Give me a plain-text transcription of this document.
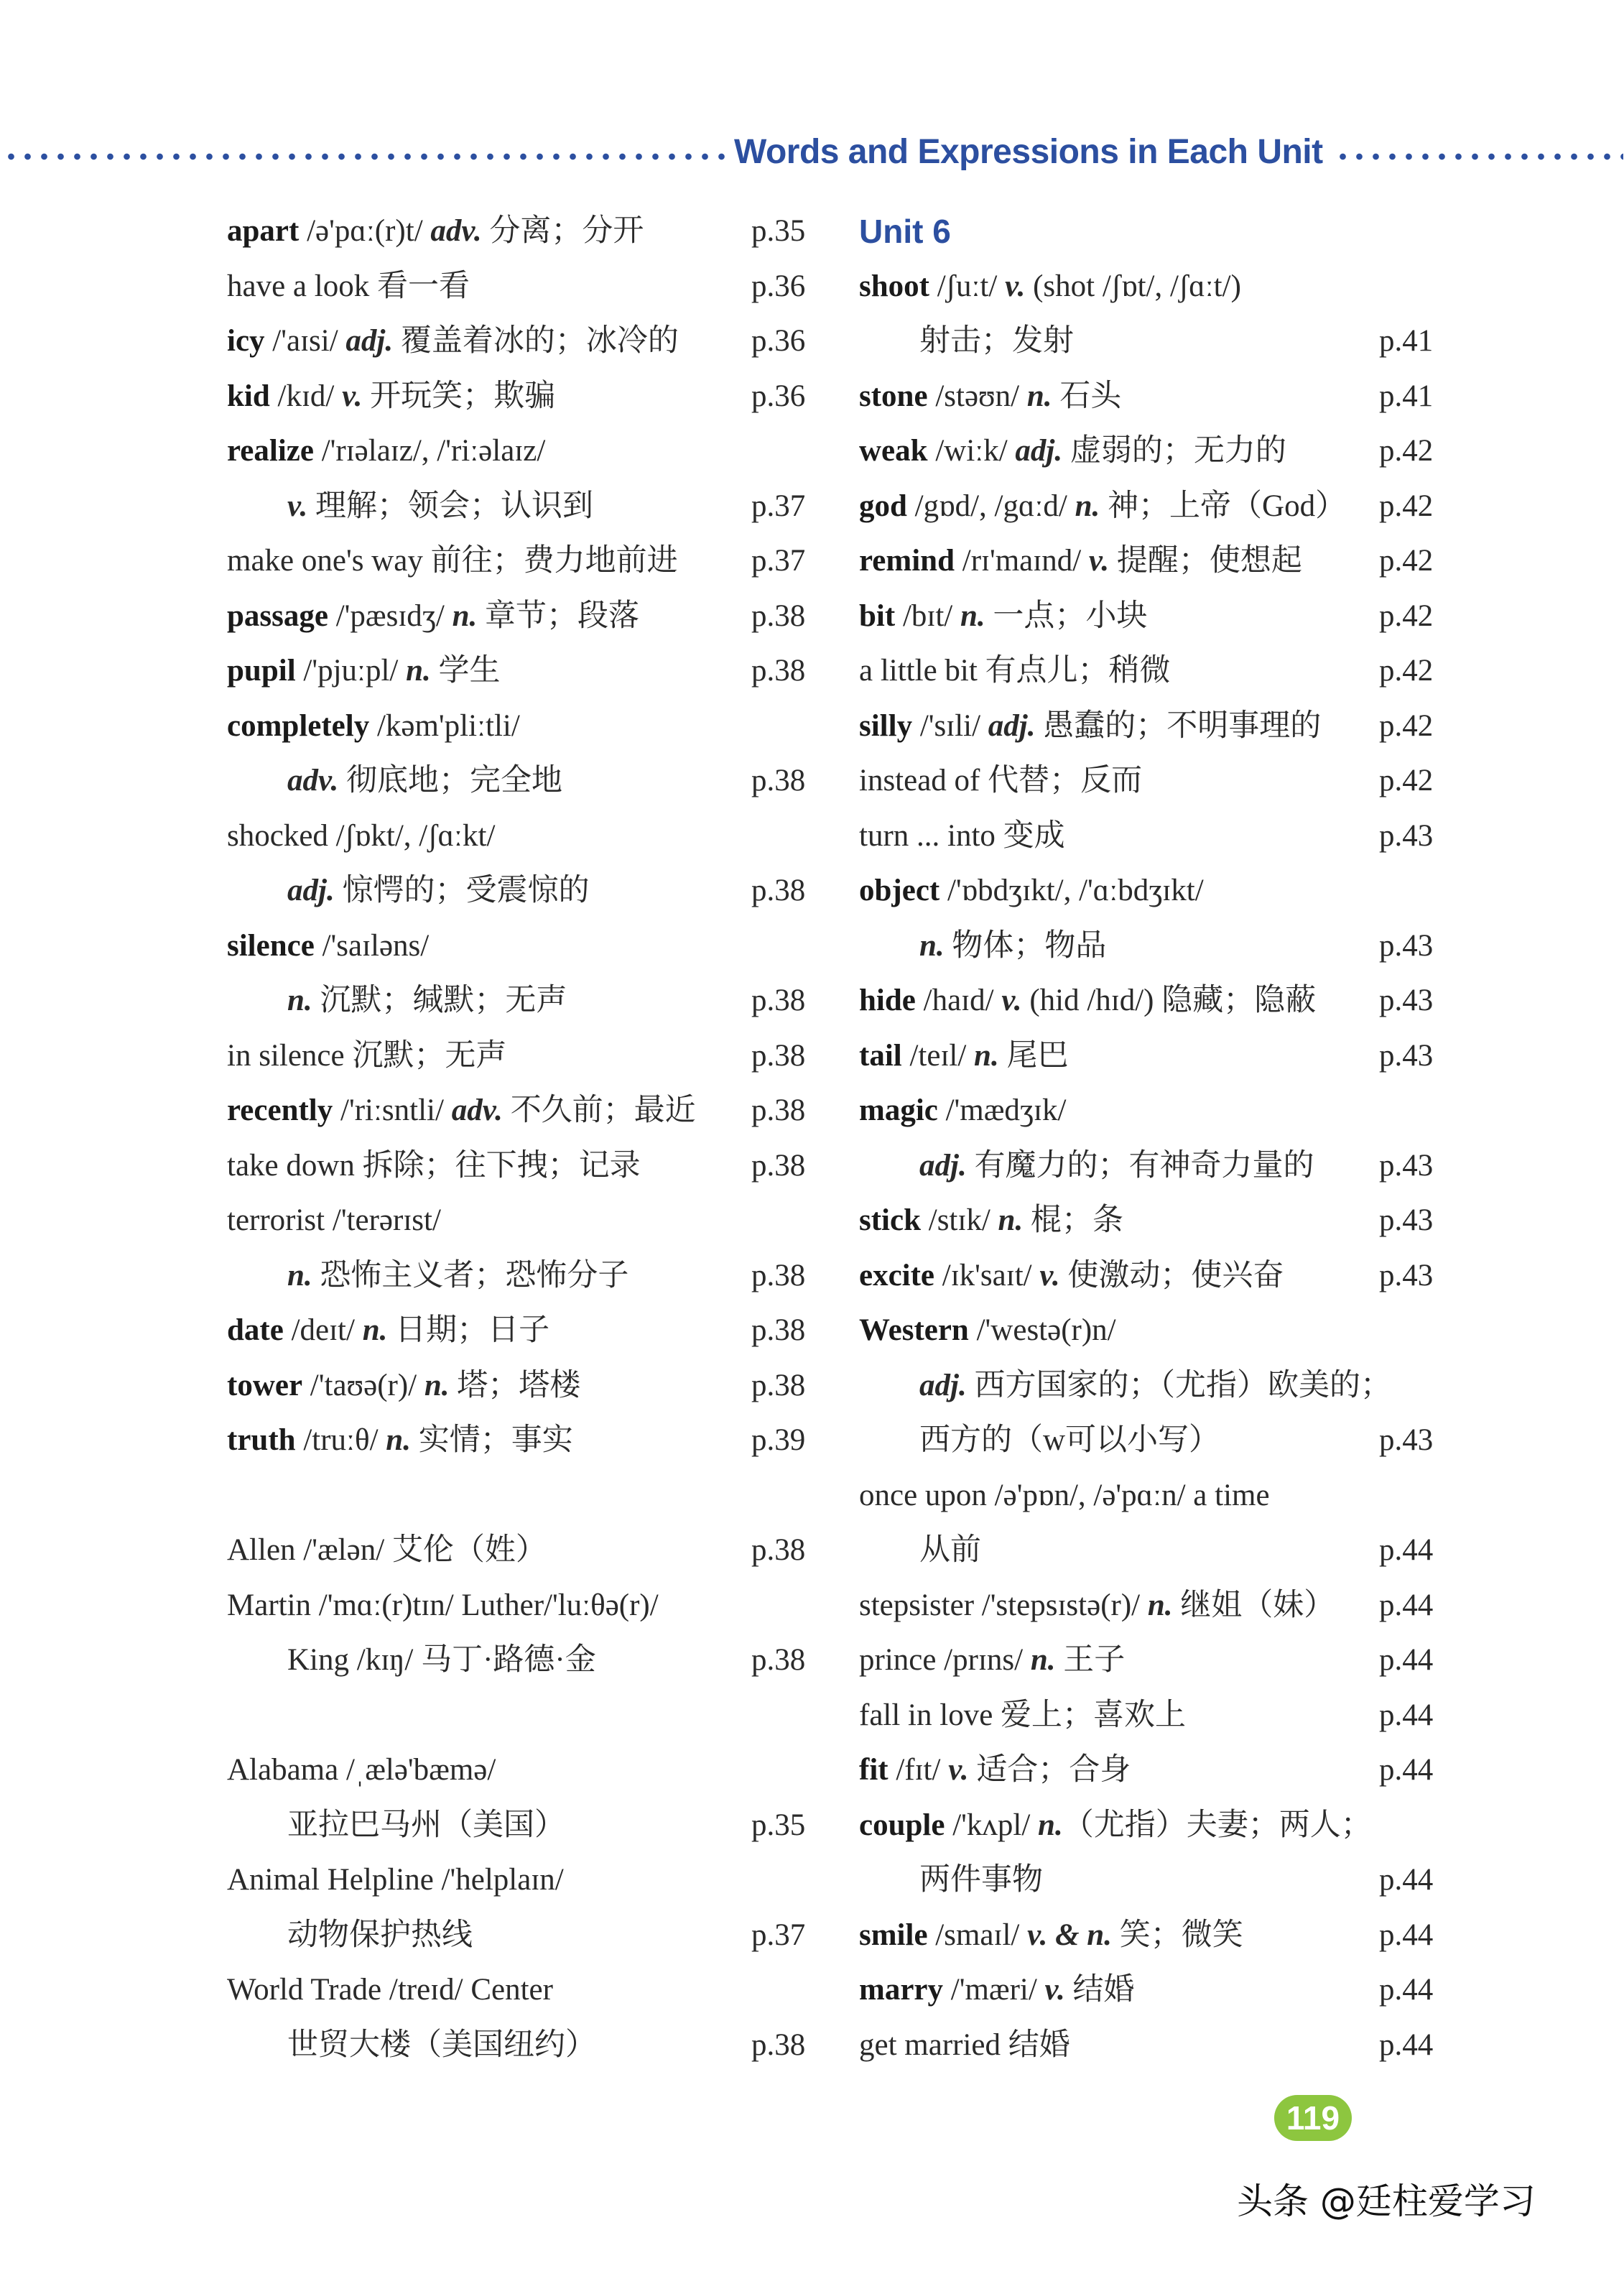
Words and Expressions in Each Unit
apart /ə'pɑː(r)t/ adv. 分离；分开	p.35
have a look 看一看	p.36
icy /'aɪsi/ adj. 覆盖着冰的；冰冷的 p.36
kid /kɪd/ v. 开玩笑；欺骗	p.36
realize /'rɪəlaɪz/, /'riːəlaɪz/
v. 理解；领会；认识到	p.37
make one's way 前往；费力地前进 p.37
passage /'pæsɪdʒ/ n. 章节；段落	p.38
pupil /'pjuːpl/ n. 学生	p.38
completely /kəm'pliːtli/
adv. 彻底地；完全地	p.38
shocked /ʃɒkt/, /ʃɑːkt/
adj. 惊愕的；受震惊的	p.38
silence /'saɪləns/
n. 沉默；缄默；无声	p.38
in silence 沉默；无声	p.38
recently /'riːsntli/ adv. 不久前；最近 p.38
take down 拆除；往下拽；记录	p.38
terrorist /'terərɪst/
n. 恐怖主义者；恐怖分子	p.38
date /deɪt/ n. 日期；日子	p.38
tower /'taʊə(r)/ n. 塔；塔楼	p.38
truth /truːθ/ n. 实情；事实	p.39
Allen /'ælən/ 艾伦（姓）	p.38
Martin /'mɑː(r)tɪn/ Luther/'luːθə(r)/
King /kɪŋ/ 马丁·路德·金	p.38
Alabama /ˌælə'bæmə/
亚拉巴马州（美国）	p.35
Animal Helpline /'helplaɪn/
动物保护热线	p.37
World Trade /treɪd/ Center
世贸大楼（美国纽约）	p.38
Unit 6
shoot /ʃuːt/ v. (shot /ʃɒt/, /ʃɑːt/)
射击；发射	p.41
stone /stəʊn/ n. 石头	p.41
weak /wiːk/ adj. 虚弱的；无力的	p.42
god /gɒd/, /gɑːd/ n. 神；上帝（God） p.42
remind /rɪ'maɪnd/ v. 提醒；使想起 p.42
bit /bɪt/ n. 一点；小块	p.42
a little bit 有点儿；稍微	p.42
silly /'sɪli/ adj. 愚蠢的；不明事理的 p.42
instead of 代替；反而	p.42
turn ... into 变成	p.43
object /'ɒbdʒɪkt/, /'ɑːbdʒɪkt/
n. 物体；物品	p.43
hide /haɪd/ v. (hid /hɪd/) 隐藏；隐蔽 p.43
tail /teɪl/ n. 尾巴	p.43
magic /'mædʒɪk/
adj. 有魔力的；有神奇力量的 p.43
stick /stɪk/ n. 棍；条	p.43
excite /ɪk'saɪt/ v. 使激动；使兴奋	p.43
Western /'westə(r)n/
adj. 西方国家的；（尤指）欧美的；
西方的（w可以小写）	p.43
once upon /ə'pɒn/, /ə'pɑːn/ a time
从前	p.44
stepsister /'stepsɪstə(r)/ n. 继姐（妹） p.44
prince /prɪns/ n. 王子	p.44
fall in love 爱上；喜欢上	p.44
fit /fɪt/ v. 适合；合身	p.44
couple /'kʌpl/ n.（尤指）夫妻；两人；
两件事物	p.44
smile /smaɪl/ v. & n. 笑；微笑	p.44
marry /'mæri/ v. 结婚	p.44
get married 结婚	p.44
119
头条 @廷柱爱学习
